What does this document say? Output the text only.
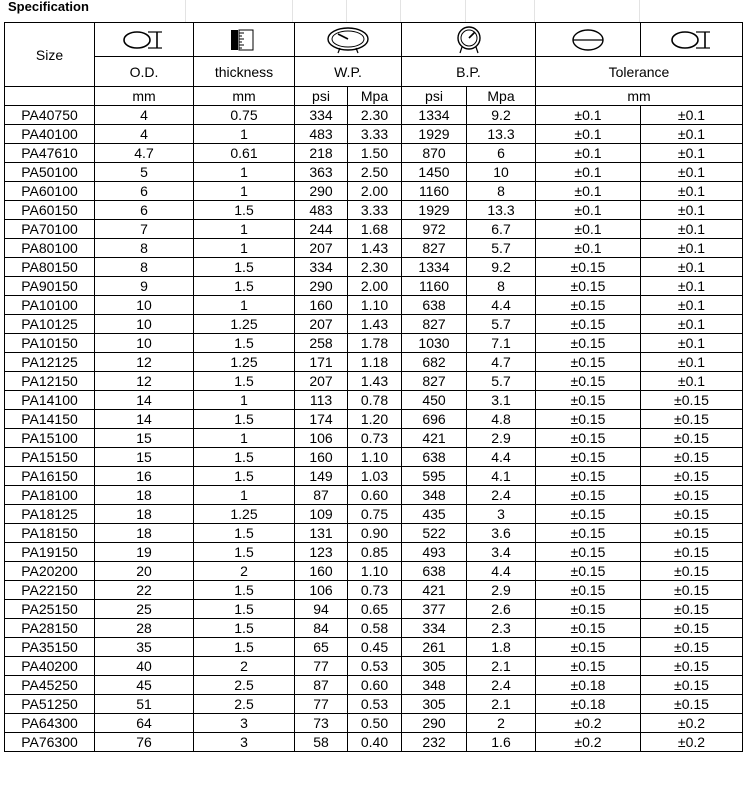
Specification
Size	

	O.D.	thickness	W.P.		B.P.		Tolerance	
	mm	mm	psi	Mpa	psi	Mpa	mm	
PA40750	4	0.75	334	2.30	1334	9.2	±0.1	±0.1
PA40100	4	1	483	3.33	1929	13.3	±0.1	±0.1
PA47610	4.7	0.61	218	1.50	870	6	±0.1	±0.1
PA50100	5	1	363	2.50	1450	10	±0.1	±0.1
PA60100	6	1	290	2.00	1160	8	±0.1	±0.1
PA60150	6	1.5	483	3.33	1929	13.3	±0.1	±0.1
PA70100	7	1	244	1.68	972	6.7	±0.1	±0.1
PA80100	8	1	207	1.43	827	5.7	±0.1	±0.1
PA80150	8	1.5	334	2.30	1334	9.2	±0.15	±0.1
PA90150	9	1.5	290	2.00	1160	8	±0.15	±0.1
PA10100	10	1	160	1.10	638	4.4	±0.15	±0.1
PA10125	10	1.25	207	1.43	827	5.7	±0.15	±0.1
PA10150	10	1.5	258	1.78	1030	7.1	±0.15	±0.1
PA12125	12	1.25	171	1.18	682	4.7	±0.15	±0.1
PA12150	12	1.5	207	1.43	827	5.7	±0.15	±0.1
PA14100	14	1	113	0.78	450	3.1	±0.15	±0.15
PA14150	14	1.5	174	1.20	696	4.8	±0.15	±0.15
PA15100	15	1	106	0.73	421	2.9	±0.15	±0.15
PA15150	15	1.5	160	1.10	638	4.4	±0.15	±0.15
PA16150	16	1.5	149	1.03	595	4.1	±0.15	±0.15
PA18100	18	1	87	0.60	348	2.4	±0.15	±0.15
PA18125	18	1.25	109	0.75	435	3	±0.15	±0.15
PA18150	18	1.5	131	0.90	522	3.6	±0.15	±0.15
PA19150	19	1.5	123	0.85	493	3.4	±0.15	±0.15
PA20200	20	2	160	1.10	638	4.4	±0.15	±0.15
PA22150	22	1.5	106	0.73	421	2.9	±0.15	±0.15
PA25150	25	1.5	94	0.65	377	2.6	±0.15	±0.15
PA28150	28	1.5	84	0.58	334	2.3	±0.15	±0.15
PA35150	35	1.5	65	0.45	261	1.8	±0.15	±0.15
PA40200	40	2	77	0.53	305	2.1	±0.15	±0.15
PA45250	45	2.5	87	0.60	348	2.4	±0.18	±0.15
PA51250	51	2.5	77	0.53	305	2.1	±0.18	±0.15
PA64300	64	3	73	0.50	290	2	±0.2	±0.2
PA76300	76	3	58	0.40	232	1.6	±0.2	±0.2
